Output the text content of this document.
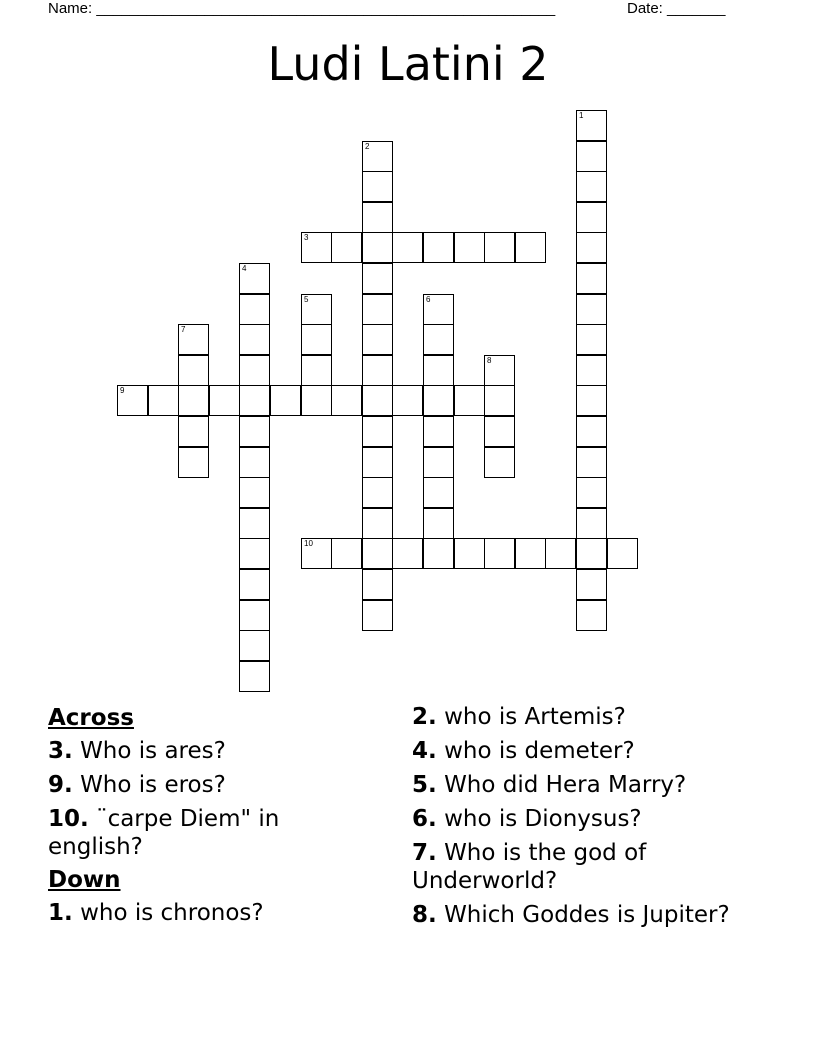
Name: _______________________________________________________	Date: _______
Ludi Latini 2
1
2
3
4
5	6
7
8
9
10

Across

3. Who is ares?

9. Who is eros?

10. ¨carpe Diem" in english?

Down

1. who is chronos?

2. who is Artemis?

4. who is demeter?

5. Who did Hera Marry?

6. who is Dionysus?

7. Who is the god of Underworld?

8. Which Goddes is Jupiter?
